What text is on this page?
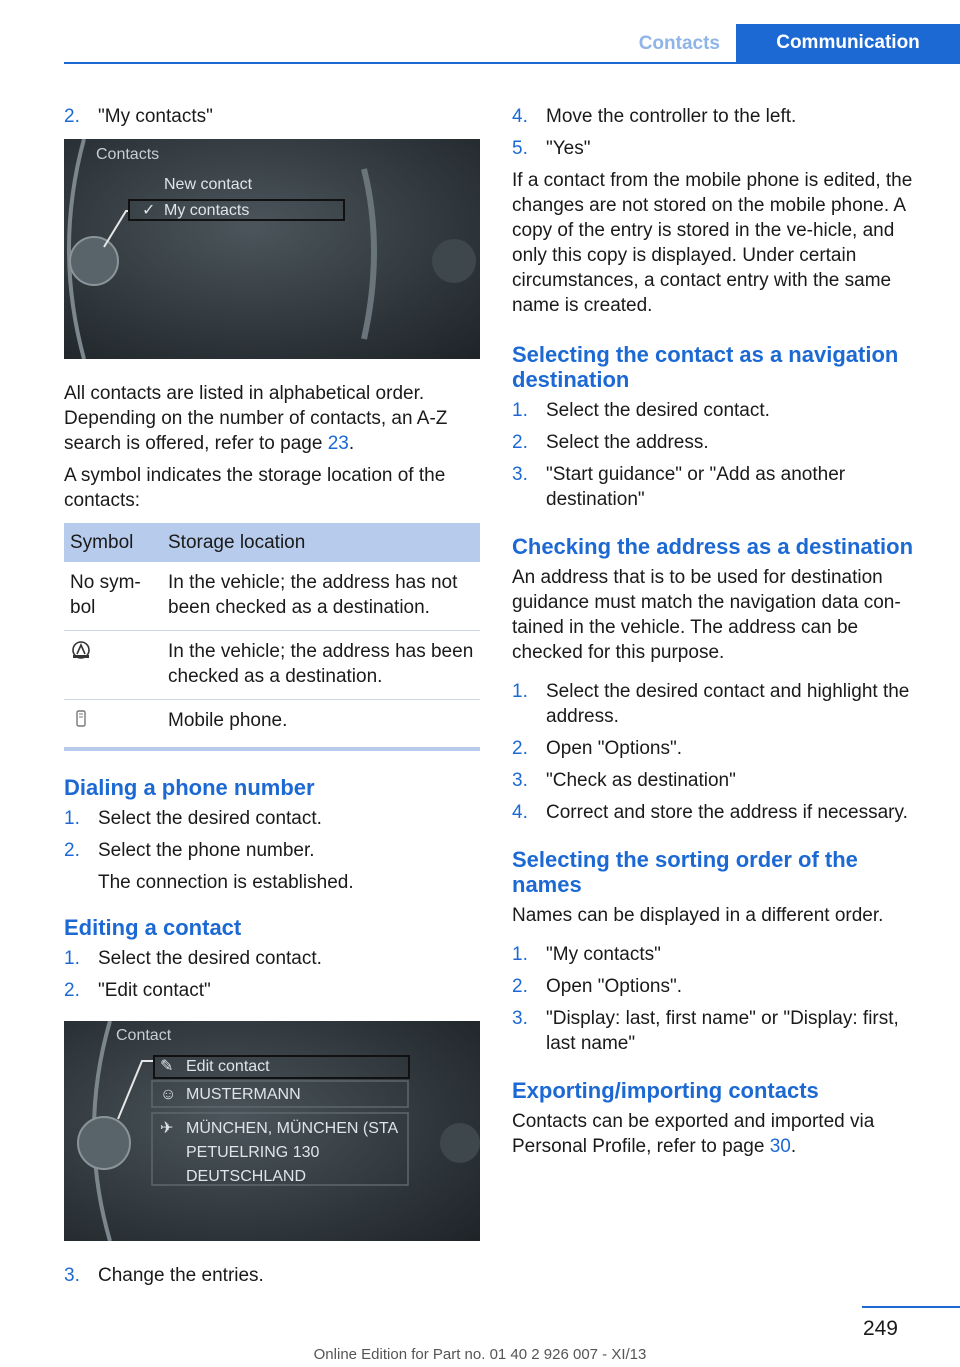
Contacts	Communication
2. "My contacts"
Contacts
New contact
✓ My contacts

All contacts are listed in alphabetical order. Depending on the number of contacts, an A-Z search is offered, refer to page 23.

A symbol indicates the storage location of the contacts:

Symbol	Storage location
No sym-bol	In the vehicle; the address has not been checked as a destination.
	In the vehicle; the address has been checked as a destination.
	Mobile phone.
Dialing a phone number
1. Select the desired contact.
2. Select the phone number.
The connection is established.
Editing a contact
1. Select the desired contact.
2. "Edit contact"
Contact
✎ Edit contact
☺ MUSTERMANN
✈ MÜNCHEN, MÜNCHEN (STA
PETUELRING 130
DEUTSCHLAND
3. Change the entries.
4. Move the controller to the left.
5. "Yes"

If a contact from the mobile phone is edited, the changes are not stored on the mobile phone. A copy of the entry is stored in the ve-hicle, and only this copy is displayed. Under certain circumstances, a contact entry with the same name is created.

Selecting the contact as a navigation destination
1. Select the desired contact.
2. Select the address.
3. "Start guidance" or "Add as another destination"
Checking the address as a destination

An address that is to be used for destination guidance must match the navigation data con-tained in the vehicle. The address can be checked for this purpose.

1. Select the desired contact and highlight the address.
2. Open "Options".
3. "Check as destination"
4. Correct and store the address if necessary.
Selecting the sorting order of the names

Names can be displayed in a different order.

1. "My contacts"
2. Open "Options".
3. "Display: last, first name" or "Display: first, last name"
Exporting/importing contacts

Contacts can be exported and imported via Personal Profile, refer to page 30.

249
Online Edition for Part no. 01 40 2 926 007 - XI/13
